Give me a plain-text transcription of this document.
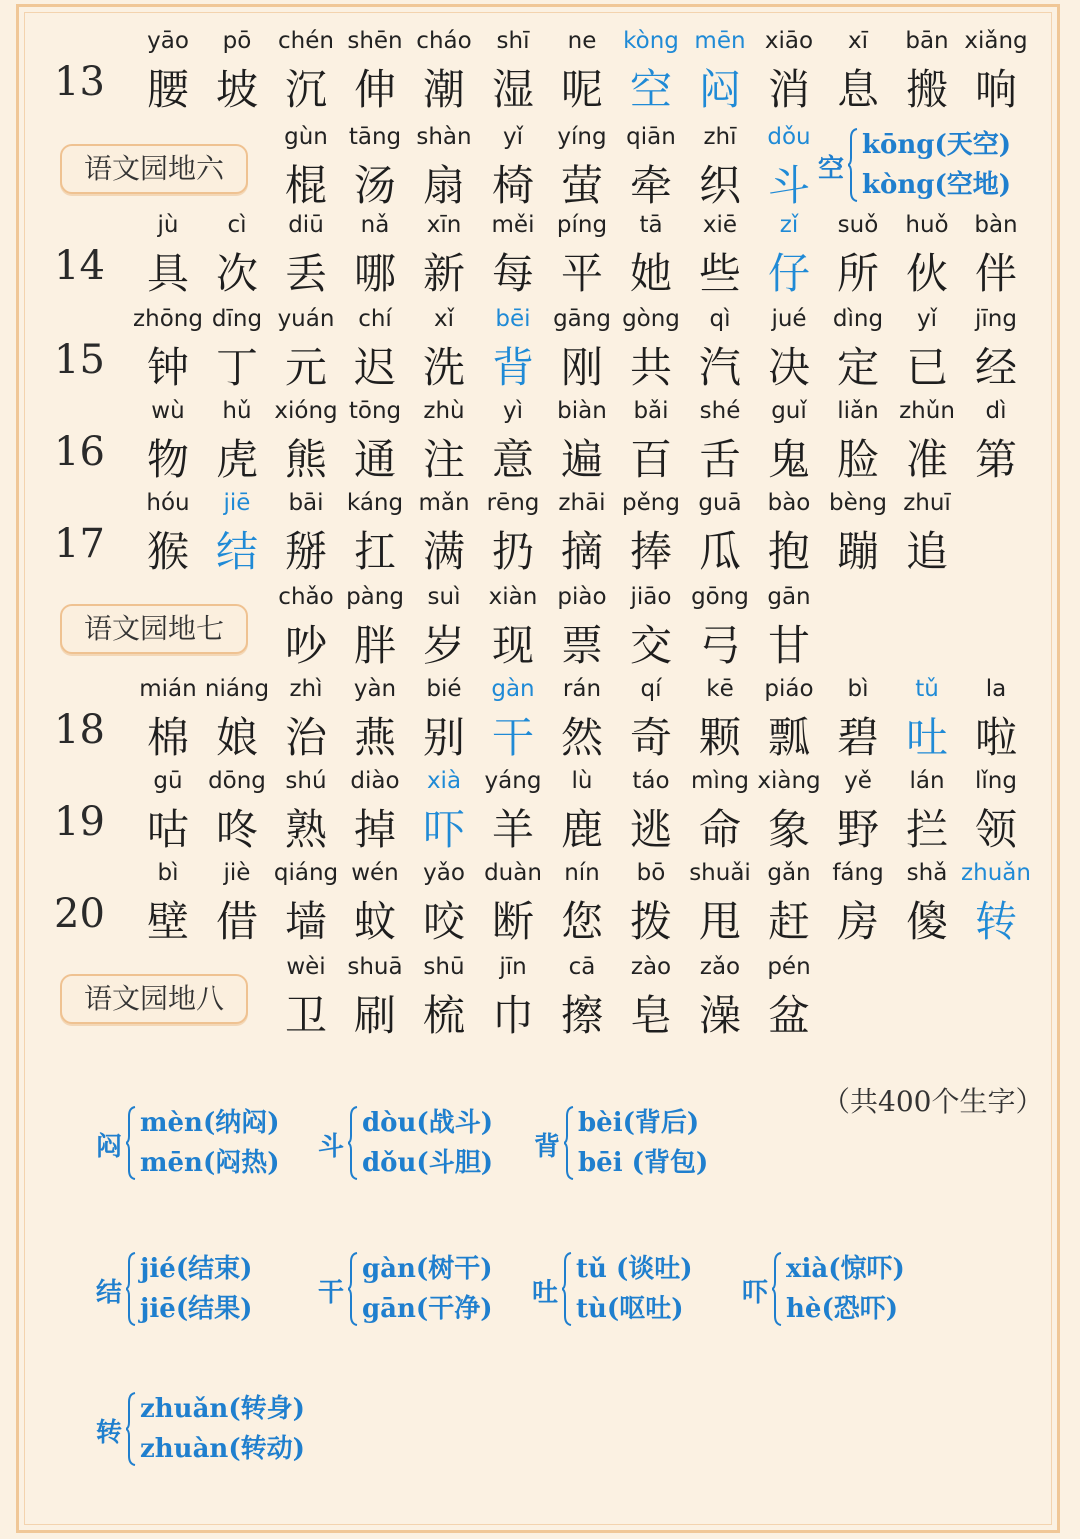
13
yāo
腰
pō
坡
chén
沉
shēn
伸
cháo
潮
shī
湿
ne
呢
kòng
空
mēn
闷
xiāo
消
xī
息
bān
搬
xiǎng
响
语文园地六
gùn
棍
tāng
汤
shàn
扇
yǐ
椅
yíng
萤
qiān
牵
zhī
织
dǒu
斗
14
jù
具
cì
次
diū
丢
nǎ
哪
xīn
新
měi
每
píng
平
tā
她
xiē
些
zǐ
仔
suǒ
所
huǒ
伙
bàn
伴
15
zhōng
钟
dīng
丁
yuán
元
chí
迟
xǐ
洗
bēi
背
gāng
刚
gòng
共
qì
汽
jué
决
dìng
定
yǐ
已
jīng
经
16
wù
物
hǔ
虎
xióng
熊
tōng
通
zhù
注
yì
意
biàn
遍
bǎi
百
shé
舌
guǐ
鬼
liǎn
脸
zhǔn
准
dì
第
17
hóu
猴
jiē
结
bāi
掰
káng
扛
mǎn
满
rēng
扔
zhāi
摘
pěng
捧
guā
瓜
bào
抱
bèng
蹦
zhuī
追
语文园地七
chǎo
吵
pàng
胖
suì
岁
xiàn
现
piào
票
jiāo
交
gōng
弓
gān
甘
18
mián
棉
niáng
娘
zhì
治
yàn
燕
bié
别
gàn
干
rán
然
qí
奇
kē
颗
piáo
瓢
bì
碧
tǔ
吐
la
啦
19
gū
咕
dōng
咚
shú
熟
diào
掉
xià
吓
yáng
羊
lù
鹿
táo
逃
mìng
命
xiàng
象
yě
野
lán
拦
lǐng
领
20
bì
壁
jiè
借
qiáng
墙
wén
蚊
yǎo
咬
duàn
断
nín
您
bō
拨
shuǎi
甩
gǎn
赶
fáng
房
shǎ
傻
zhuǎn
转
语文园地八
wèi
卫
shuā
刷
shū
梳
jīn
巾
cā
擦
zào
皂
zǎo
澡
pén
盆
空
kōng(天空)
kòng(空地)
（共400个生字）
闷
mèn(纳闷)
mēn(闷热)
斗
dòu(战斗)
dǒu(斗胆)
背
bèi(背后)
bēi (背包)
结
jié(结束)
jiē(结果)
干
gàn(树干)
gān(干净)
吐
tǔ (谈吐)
tù(呕吐)
吓
xià(惊吓)
hè(恐吓)
转
zhuǎn(转身)
zhuàn(转动)
